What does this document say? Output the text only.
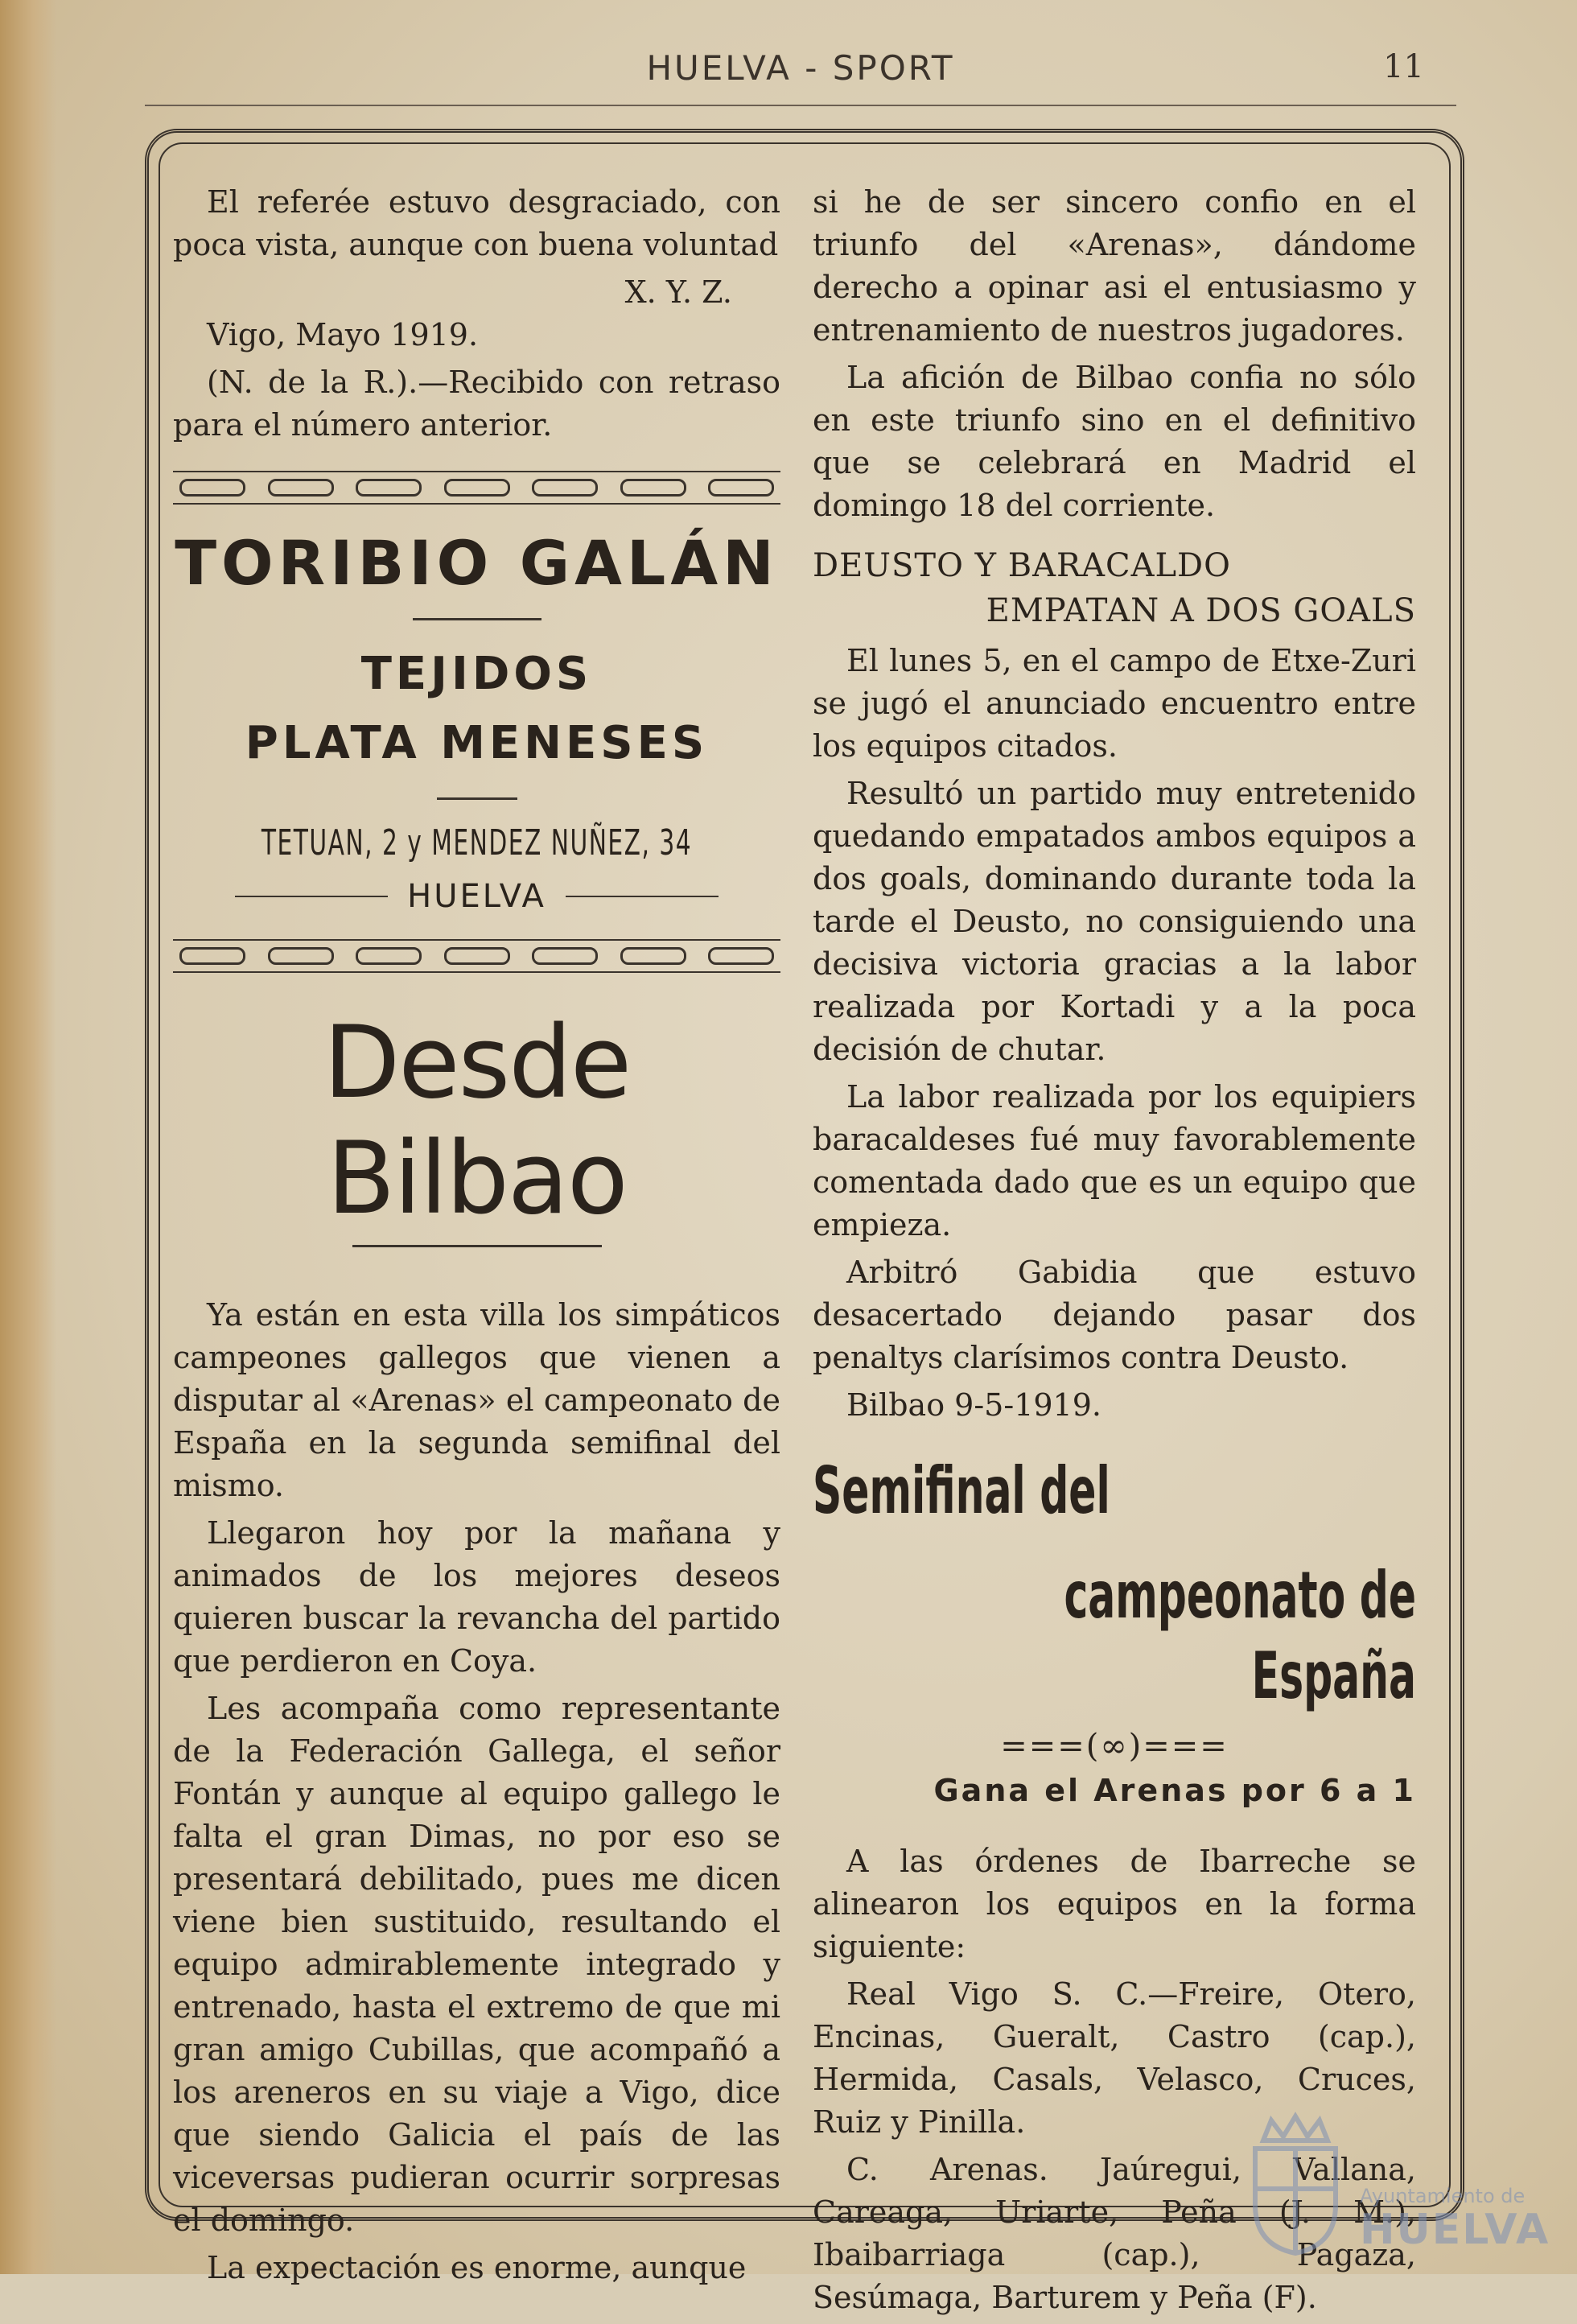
HUELVA - SPORT	11

El referée estuvo desgraciado, con poca vista, aunque con buena voluntad

X. Y. Z.

Vigo, Mayo 1919.

(N. de la R.).—Recibido con retraso para el número anterior.

TORIBIO GALÁN
TEJIDOS
PLATA MENESES
TETUAN, 2 y MENDEZ NUÑEZ, 34
HUELVA
Desde Bilbao

Ya están en esta villa los simpáticos campeones gallegos que vienen a disputar al «Arenas» el campeonato de España en la segunda semifinal del mismo.

Llegaron hoy por la mañana y animados de los mejores deseos quieren buscar la revancha del partido que perdieron en Coya.

Les acompaña como representante de la Federación Gallega, el señor Fontán y aunque al equipo gallego le falta el gran Dimas, no por eso se presentará debilitado, pues me dicen viene bien sustituido, resultando el equipo admirablemente integrado y entrenado, hasta el extremo de que mi gran amigo Cubillas, que acompañó a los areneros en su viaje a Vigo, dice que siendo Galicia el país de las viceversas pudieran ocurrir sorpresas el domingo.

La expectación es enorme, aunque

si he de ser sincero confio en el triunfo del «Arenas», dándome derecho a opinar asi el entusiasmo y entrenamiento de nuestros jugadores.

La afición de Bilbao confia no sólo en este triunfo sino en el definitivo que se celebrará en Madrid el domingo 18 del corriente.

DEUSTO Y BARACALDO
EMPATAN A DOS GOALS

El lunes 5, en el campo de Etxe-Zuri se jugó el anunciado encuentro entre los equipos citados.

Resultó un partido muy entretenido quedando empatados ambos equipos a dos goals, dominando durante toda la tarde el Deusto, no consiguiendo una decisiva victoria gracias a la labor realizada por Kortadi y a la poca decisión de chutar.

La labor realizada por los equipiers baracaldeses fué muy favorablemente comentada dado que es un equipo que empieza.

Arbitró Gabidia que estuvo desacertado dejando pasar dos penaltys clarísimos contra Deusto.

Bilbao 9-5-1919.

Semifinal del
campeonato de España
===(∞)===
Gana el Arenas por 6 a 1

A las órdenes de Ibarreche se alinearon los equipos en la forma siguiente:

Real Vigo S. C.—Freire, Otero, Encinas, Gueralt, Castro (cap.), Hermida, Casals, Velasco, Cruces, Ruiz y Pinilla.

C. Arenas. Jaúregui, Vallana, Careaga, Uriarte, Peña (J. M.), Ibaibarriaga (cap.), Pagaza, Sesúmaga, Barturem y Peña (F).

Ayuntamiento de
HUELVA
